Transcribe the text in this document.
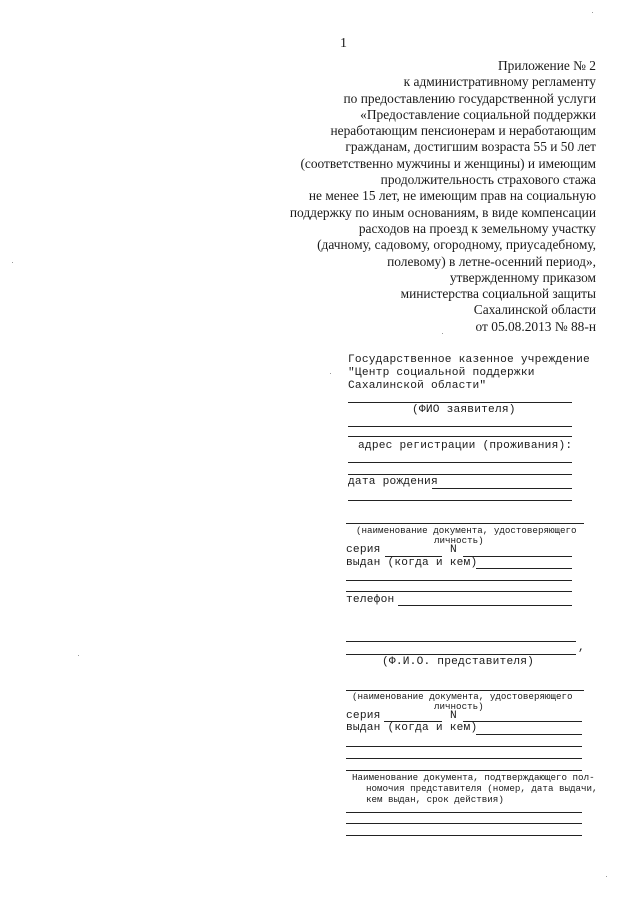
1
Приложение № 2
к административному регламенту
по предоставлению государственной услуги
«Предоставление социальной поддержки
неработающим пенсионерам и неработающим
гражданам, достигшим возраста 55 и 50 лет
(соответственно мужчины и женщины) и имеющим
продолжительность страхового стажа
не менее 15 лет, не имеющим прав на социальную
поддержку по иным основаниям, в виде компенсации
расходов на проезд к земельному участку
(дачному, садовому, огородному, приусадебному,
полевому) в летне-осенний период»,
утвержденному приказом
министерства социальной защиты
Сахалинской области
от 05.08.2013 № 88-н
Государственное казенное учреждение
"Центр социальной поддержки
Сахалинской области"
(ФИО заявителя)
адрес регистрации (проживания):
дата рождения
(наименование документа, удостоверяющего
личность)
серия	N
выдан (когда и кем)
телефон
,
(Ф.И.О. представителя)
(наименование документа, удостоверяющего
личность)
серия	N
выдан (когда и кем)
Наименование документа, подтверждающего пол-
номочия представителя (номер, дата выдачи,
кем выдан, срок действия)
